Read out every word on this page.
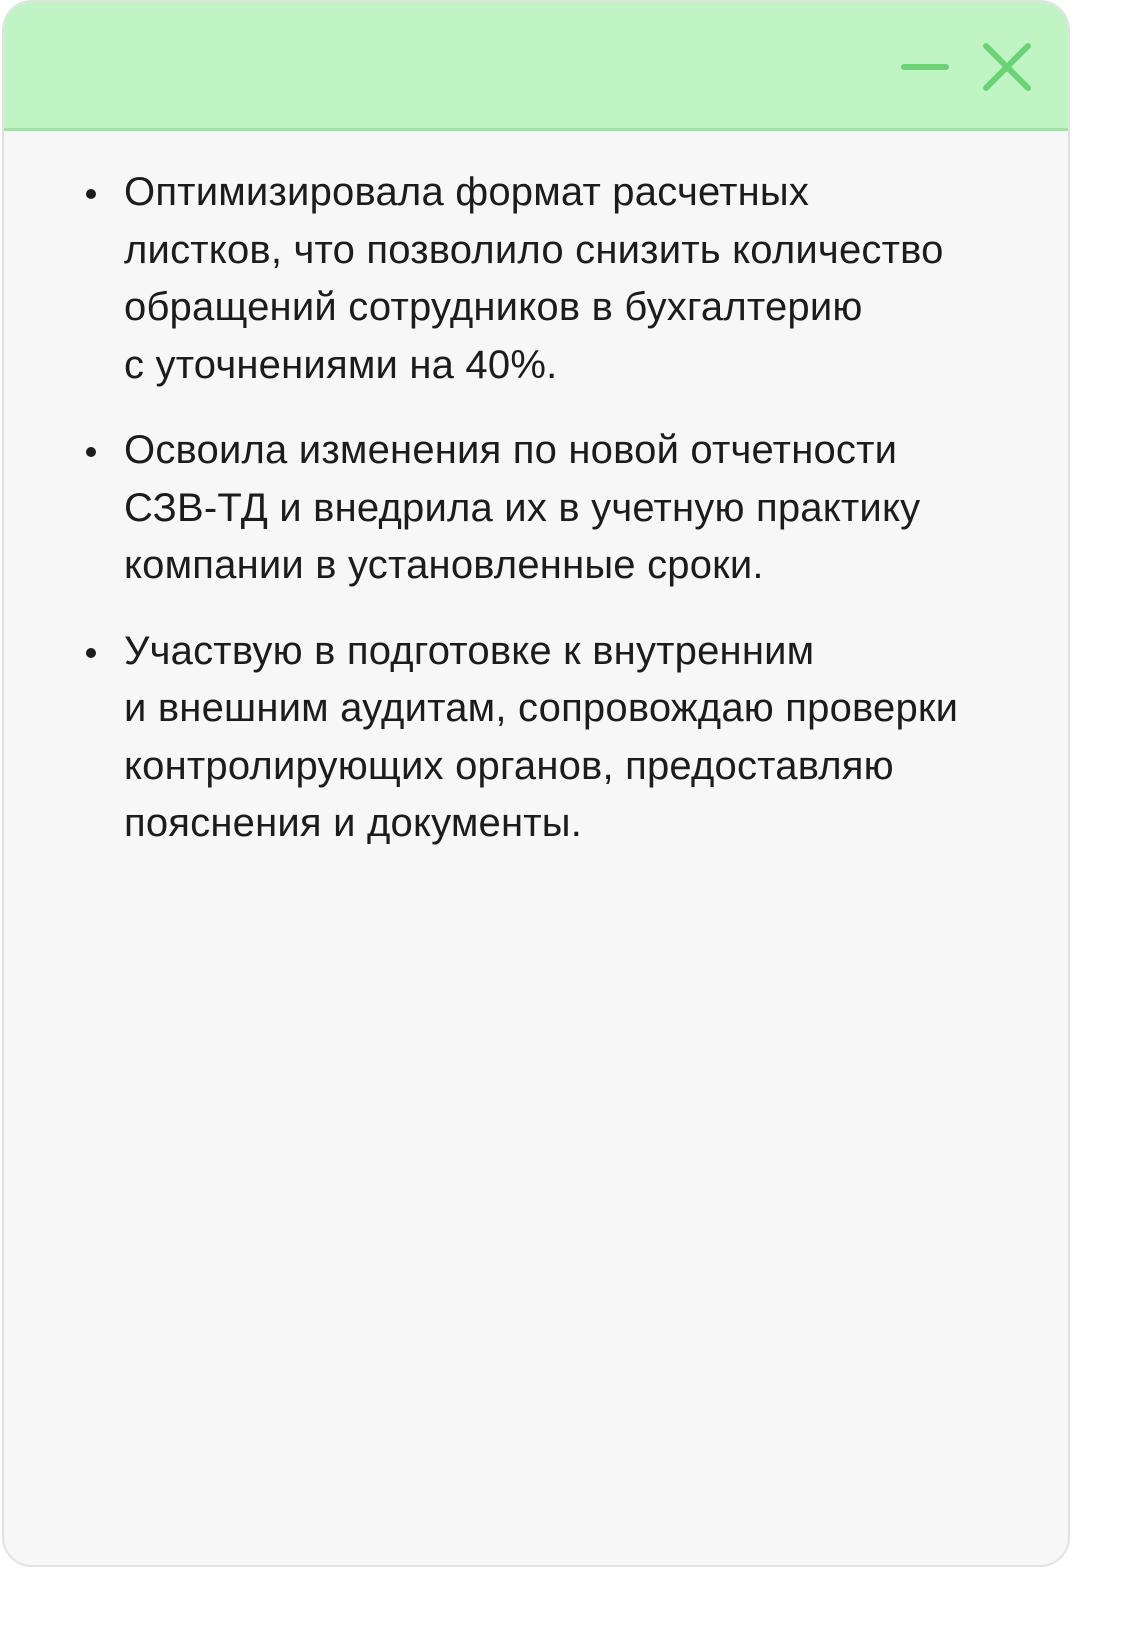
Оптимизировала формат расчетных
листков, что позволило снизить количество
обращений сотрудников в бухгалтерию
с уточнениями на 40%.
Освоила изменения по новой отчетности
СЗВ-ТД и внедрила их в учетную практику
компании в установленные сроки.
Участвую в подготовке к внутренним
и внешним аудитам, сопровождаю проверки
контролирующих органов, предоставляю
пояснения и документы.
